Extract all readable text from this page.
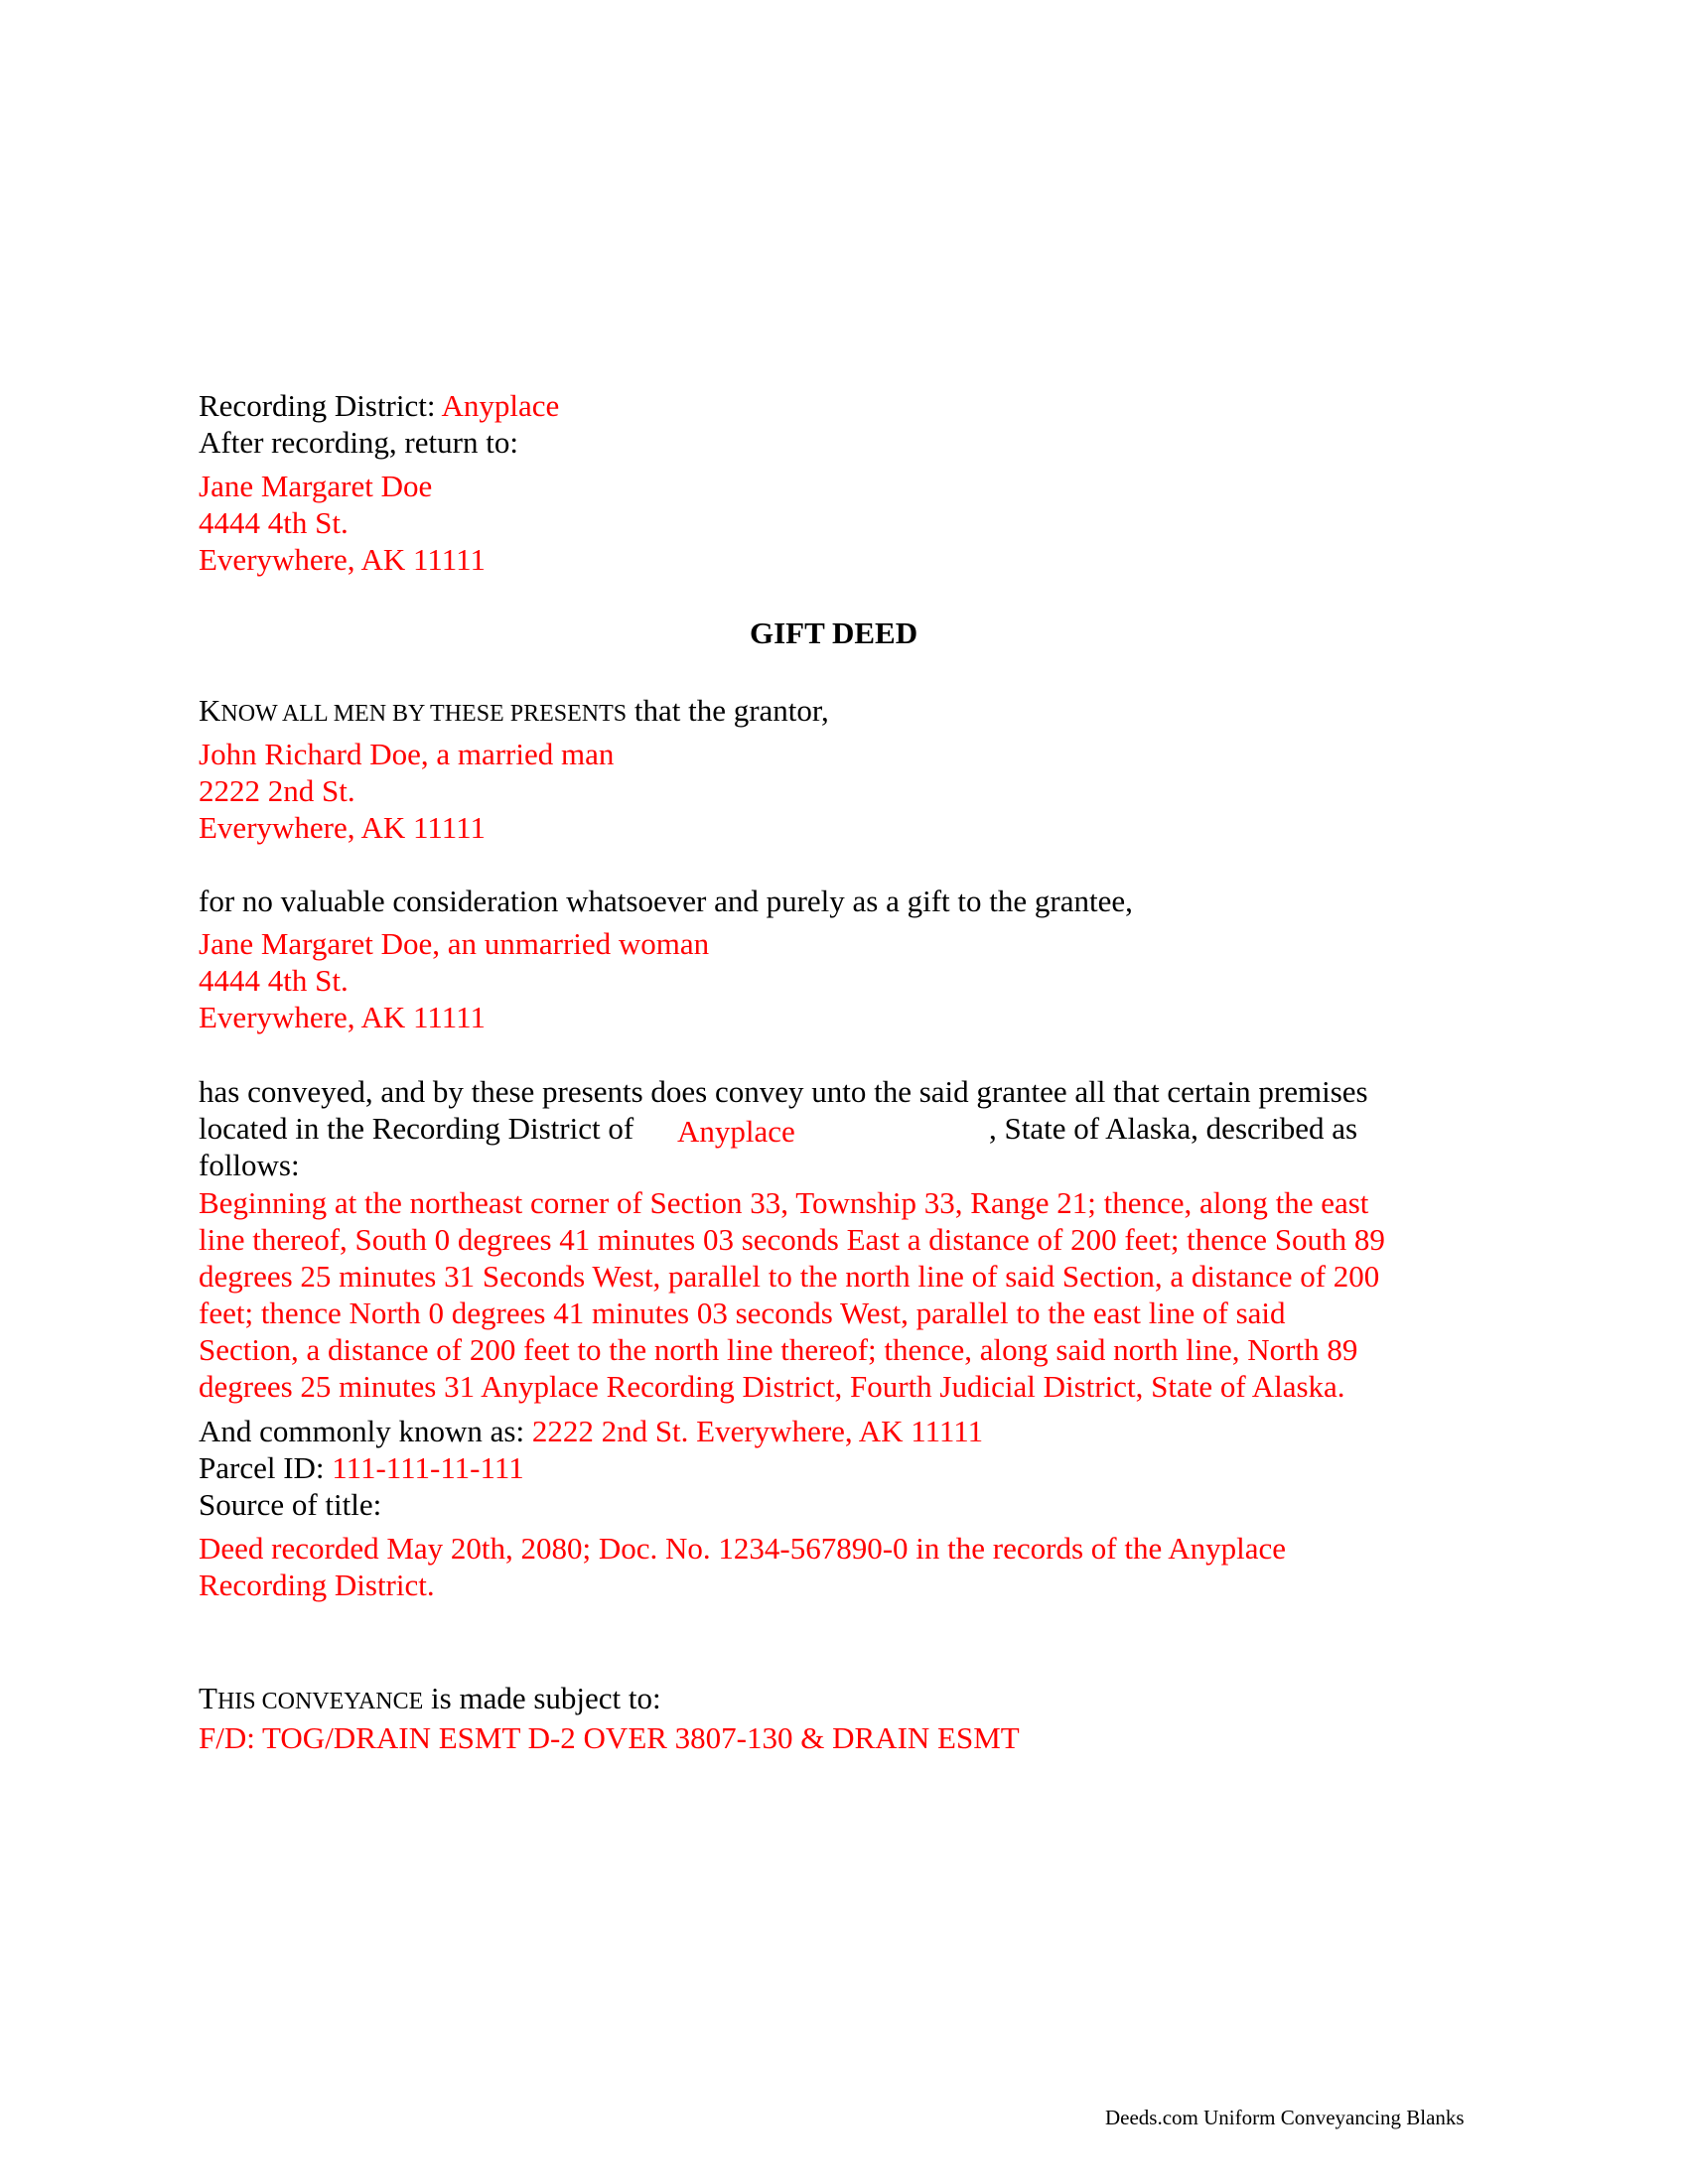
Recording District: Anyplace
After recording, return to:
Jane Margaret Doe
4444 4th St.
Everywhere, AK 11111
GIFT DEED
KNOW ALL MEN BY THESE PRESENTS that the grantor,
John Richard Doe, a married man
2222 2nd St.
Everywhere, AK 11111
for no valuable consideration whatsoever and purely as a gift to the grantee,
Jane Margaret Doe, an unmarried woman
4444 4th St.
Everywhere, AK 11111
has conveyed, and by these presents does convey unto the said grantee all that certain premises
located in the Recording District of Anyplace	, State of Alaska, described as
follows:
Beginning at the northeast corner of Section 33, Township 33, Range 21; thence, along the east
line thereof, South 0 degrees 41 minutes 03 seconds East a distance of 200 feet; thence South 89
degrees 25 minutes 31 Seconds West, parallel to the north line of said Section, a distance of 200
feet; thence North 0 degrees 41 minutes 03 seconds West, parallel to the east line of said
Section, a distance of 200 feet to the north line thereof; thence, along said north line, North 89
degrees 25 minutes 31 Anyplace Recording District, Fourth Judicial District, State of Alaska.
And commonly known as: 2222 2nd St. Everywhere, AK 11111
Parcel ID: 111-111-11-111
Source of title:
Deed recorded May 20th, 2080; Doc. No. 1234-567890-0 in the records of the Anyplace
Recording District.
THIS CONVEYANCE is made subject to:
F/D: TOG/DRAIN ESMT D-2 OVER 3807-130 & DRAIN ESMT
Deeds.com Uniform Conveyancing Blanks
